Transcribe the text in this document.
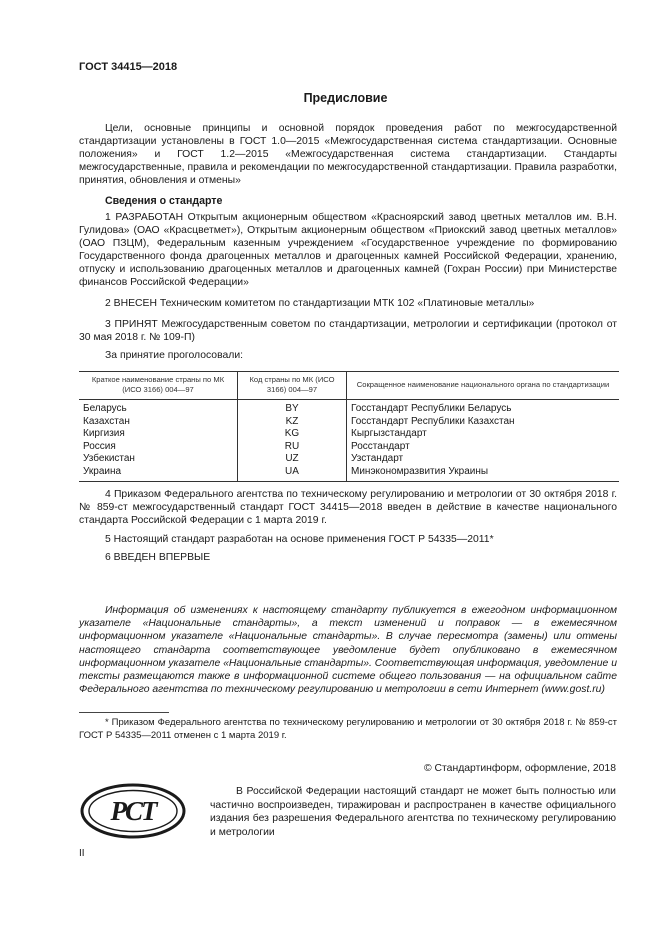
ГОСТ 34415—2018
Предисловие
Цели, основные принципы и основной порядок проведения работ по межгосударственной стандартизации установлены в ГОСТ 1.0—2015 «Межгосударственная система стандартизации. Основные положения» и ГОСТ 1.2—2015 «Межгосударственная система стандартизации. Стандарты межгосударственные, правила и рекомендации по межгосударственной стандартизации. Правила разработки, принятия, обновления и отмены»
Сведения о стандарте
1 РАЗРАБОТАН Открытым акционерным обществом «Красноярский завод цветных металлов им. В.Н. Гулидова» (ОАО «Красцветмет»), Открытым акционерным обществом «Приокский завод цветных металлов» (ОАО ПЗЦМ), Федеральным казенным учреждением «Государственное учреждение по формированию Государственного фонда драгоценных металлов и драгоценных камней Российской Федерации, хранению, отпуску и использованию драгоценных металлов и драгоценных камней (Гохран России) при Министерстве финансов Российской Федерации»
2 ВНЕСЕН Техническим комитетом по стандартизации МТК 102 «Платиновые металлы»
3 ПРИНЯТ Межгосударственным советом по стандартизации, метрологии и сертификации (протокол от 30 мая 2018 г. № 109-П)
За принятие проголосовали:
Краткое наименование страны по МК (ИСО 3166) 004—97	Код страны по МК (ИСО 3166) 004—97	Сокращенное наименование национального органа по стандартизации
Беларусь	BY	Госстандарт Республики Беларусь
Казахстан	KZ	Госстандарт Республики Казахстан
Киргизия	KG	Кыргызстандарт
Россия	RU	Росстандарт
Узбекистан	UZ	Узстандарт
Украина	UA	Минэкономразвития Украины
4 Приказом Федерального агентства по техническому регулированию и метрологии от 30 октября 2018 г. № 859-ст межгосударственный стандарт ГОСТ 34415—2018 введен в действие в качестве национального стандарта Российской Федерации с 1 марта 2019 г.
5 Настоящий стандарт разработан на основе применения ГОСТ Р 54335—2011*
6 ВВЕДЕН ВПЕРВЫЕ
Информация об изменениях к настоящему стандарту публикуется в ежегодном информационном указателе «Национальные стандарты», а текст изменений и поправок — в ежемесячном информационном указателе «Национальные стандарты». В случае пересмотра (замены) или отмены настоящего стандарта соответствующее уведомление будет опубликовано в ежемесячном информационном указателе «Национальные стандарты». Соответствующая информация, уведомление и тексты размещаются также в информационной системе общего пользования — на официальном сайте Федерального агентства по техническому регулированию и метрологии в сети Интернет (www.gost.ru)
* Приказом Федерального агентства по техническому регулированию и метрологии от 30 октября 2018 г. № 859-ст ГОСТ Р 54335—2011 отменен с 1 марта 2019 г.
© Стандартинформ, оформление, 2018
РСТ
В Российской Федерации настоящий стандарт не может быть полностью или частично воспроизведен, тиражирован и распространен в качестве официального издания без разрешения Федерального агентства по техническому регулированию и метрологии
II
